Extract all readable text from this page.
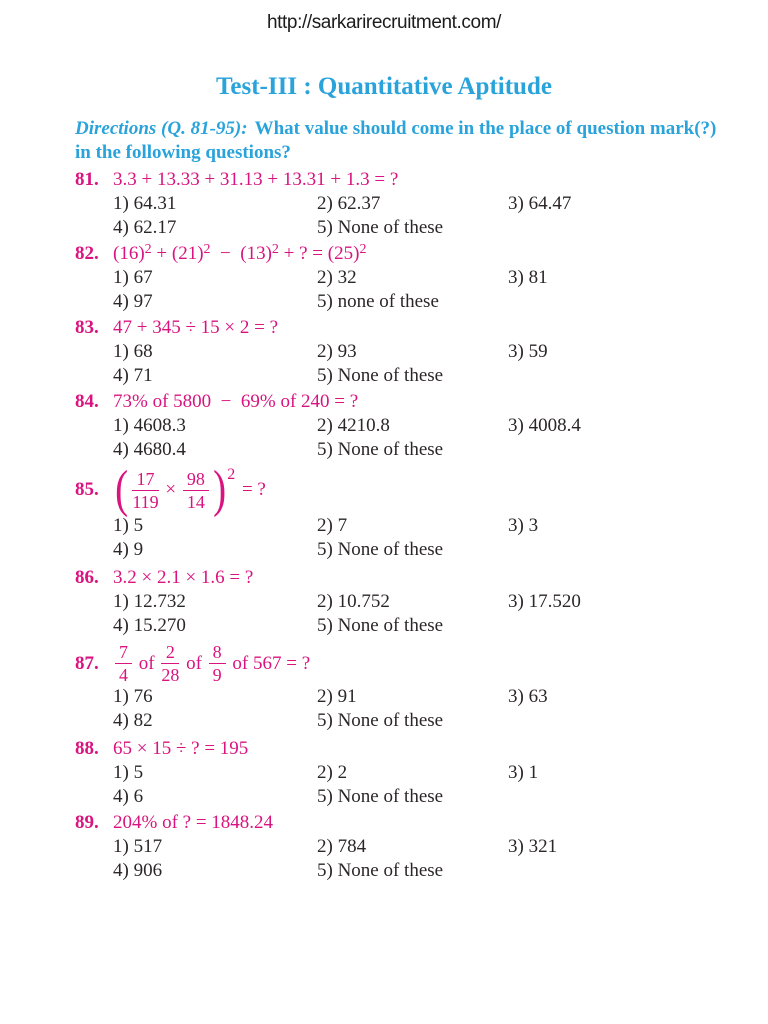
http://sarkarirecruitment.com/
Test-III : Quantitative Aptitude
Directions (Q. 81-95): What value should come in the place of question mark(?)
in the following questions?
81. 3.3 + 13.33 + 31.13 + 13.31 + 1.3 = ?
1) 64.31	2) 62.37	3) 64.47
4) 62.17	5) None of these
82. $(16)^2 + (21)^2 - (13)^2$ + ? = $(25)^2$
1) 67	2) 32	3) 81
4) 97	5) none of these
83. 47 + 345 ÷ 15 × 2 = ?
1) 68	2) 93	3) 59
4) 71	5) None of these
84. 73% of 5800  −  69% of 240 = ?
1) 4608.3	2) 4210.8	3) 4008.4
4) 4680.4	5) None of these
85. ( $\frac{17}{119} \times \frac{98}{14} )^2$
= ?
1) 5	2) 7	3) 3
4) 9	5) None of these
86. 3.2 × 2.1 × 1.6 = ?
1) 12.732	2) 10.752	3) 17.520
4) 15.270	5) None of these
87. $\frac{7}{4}$ of $\frac{2}{28}$ of $\frac{8}{9}$ of 567 = ?
1) 76	2) 91	3) 63
4) 82	5) None of these
88. 65 × 15 ÷ ? = 195
1) 5	2) 2	3) 1
4) 6	5) None of these
89. 204% of ? = 1848.24
1) 517	2) 784	3) 321
4) 906	5) None of these
